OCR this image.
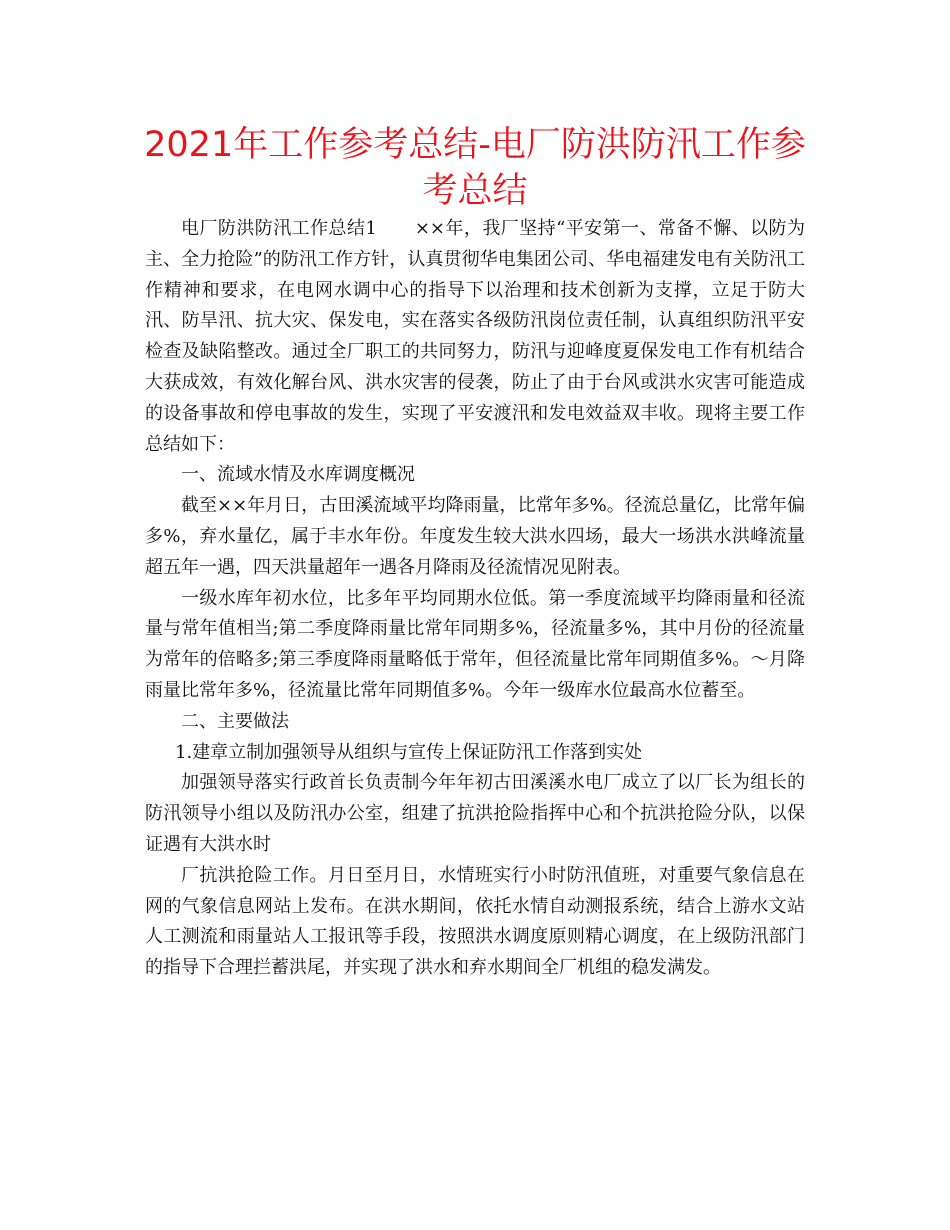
2021年工作参考总结-电厂防洪防汛工作参考总结

电厂防洪防汛工作总结1 ××年，我厂坚持“平安第一、常备不懈、以防为主、全力抢险”的防汛工作方针，认真贯彻华电集团公司、华电福建发电有关防汛工作精神和要求，在电网水调中心的指导下以治理和技术创新为支撑，立足于防大汛、防旱汛、抗大灾、保发电，实在落实各级防汛岗位责任制，认真组织防汛平安检查及缺陷整改。通过全厂职工的共同努力，防汛与迎峰度夏保发电工作有机结合大获成效，有效化解台风、洪水灾害的侵袭，防止了由于台风或洪水灾害可能造成的设备事故和停电事故的发生，实现了平安渡汛和发电效益双丰收。现将主要工作总结如下：

一、流域水情及水库调度概况

截至××年月日，古田溪流域平均降雨量，比常年多%。径流总量亿，比常年偏多%，弃水量亿，属于丰水年份。年度发生较大洪水四场，最大一场洪水洪峰流量超五年一遇，四天洪量超年一遇各月降雨及径流情况见附表。

一级水库年初水位，比多年平均同期水位低。第一季度流域平均降雨量和径流量与常年值相当;第二季度降雨量比常年同期多%，径流量多%，其中月份的径流量为常年的倍略多;第三季度降雨量略低于常年，但径流量比常年同期值多%。～月降雨量比常年多%，径流量比常年同期值多%。今年一级库水位最高水位蓄至。

二、主要做法

1.建章立制加强领导从组织与宣传上保证防汛工作落到实处

加强领导落实行政首长负责制今年年初古田溪溪水电厂成立了以厂长为组长的防汛领导小组以及防汛办公室，组建了抗洪抢险指挥中心和个抗洪抢险分队，以保证遇有大洪水时

厂抗洪抢险工作。月日至月日，水情班实行小时防汛值班，对重要气象信息在网的气象信息网站上发布。在洪水期间，依托水情自动测报系统，结合上游水文站人工测流和雨量站人工报讯等手段，按照洪水调度原则精心调度，在上级防汛部门的指导下合理拦蓄洪尾，并实现了洪水和弃水期间全厂机组的稳发满发。
